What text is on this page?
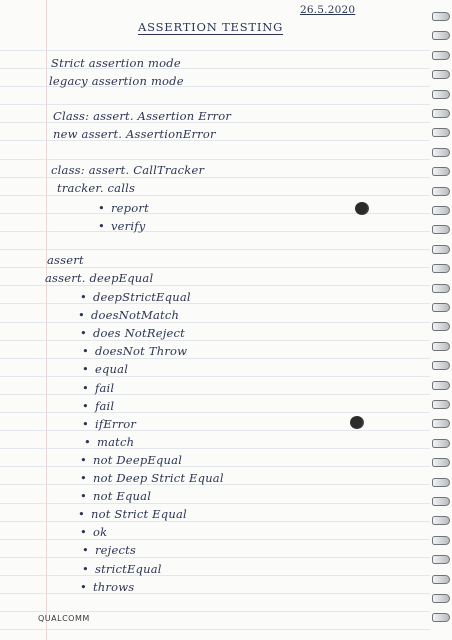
26.5.2020
ASSERTION TESTING
Strict assertion mode
legacy assertion mode
Class: assert. Assertion Error
new assert. AssertionError
class: assert. CallTracker
tracker. calls
• report
• verify
assert
assert. deepEqual
• deepStrictEqual
• doesNotMatch
• does NotReject
• doesNot Throw
• equal
• fail
• fail
• ifError
• match
• not DeepEqual
• not Deep Strict Equal
• not Equal
• not Strict Equal
• ok
• rejects
• strictEqual
• throws
QUALCOMM
